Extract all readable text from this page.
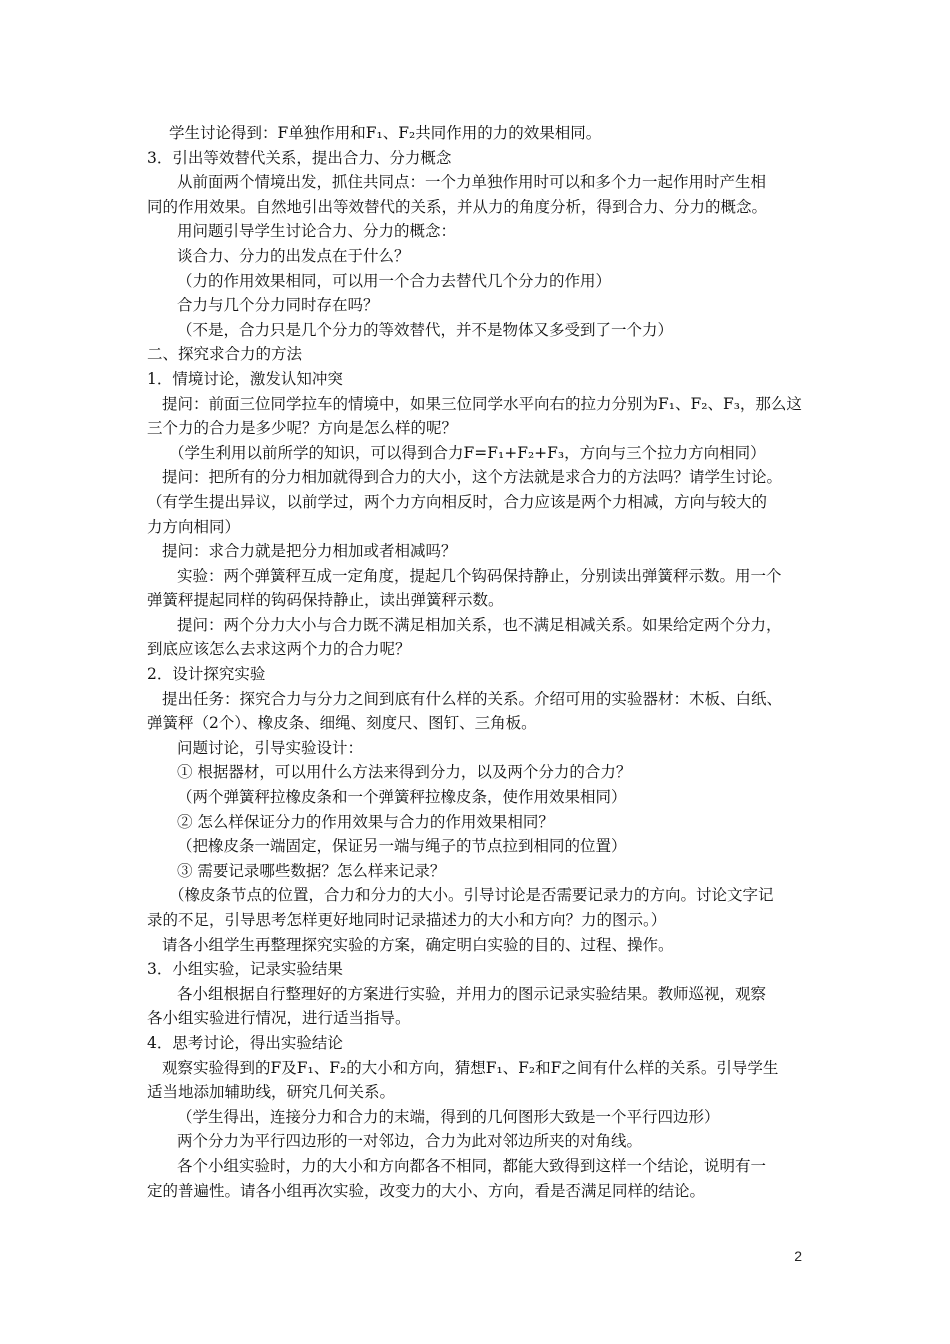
学生讨论得到：F单独作用和F₁、F₂共同作用的力的效果相同。
3．引出等效替代关系，提出合力、分力概念
从前面两个情境出发，抓住共同点：一个力单独作用时可以和多个力一起作用时产生相
同的作用效果。自然地引出等效替代的关系，并从力的角度分析，得到合力、分力的概念。
用问题引导学生讨论合力、分力的概念：
谈合力、分力的出发点在于什么？
（力的作用效果相同，可以用一个合力去替代几个分力的作用）
合力与几个分力同时存在吗？
（不是，合力只是几个分力的等效替代，并不是物体又多受到了一个力）
二、探究求合力的方法
1．情境讨论，激发认知冲突
提问：前面三位同学拉车的情境中，如果三位同学水平向右的拉力分别为F₁、F₂、F₃，那么这
三个力的合力是多少呢？方向是怎么样的呢？
（学生利用以前所学的知识，可以得到合力F=F₁+F₂+F₃，方向与三个拉力方向相同）
提问：把所有的分力相加就得到合力的大小，这个方法就是求合力的方法吗？请学生讨论。
（有学生提出异议，以前学过，两个力方向相反时，合力应该是两个力相减，方向与较大的
力方向相同）
提问：求合力就是把分力相加或者相减吗？
实验：两个弹簧秤互成一定角度，提起几个钩码保持静止，分别读出弹簧秤示数。用一个
弹簧秤提起同样的钩码保持静止，读出弹簧秤示数。
提问：两个分力大小与合力既不满足相加关系，也不满足相减关系。如果给定两个分力，
到底应该怎么去求这两个力的合力呢？
2．设计探究实验
提出任务：探究合力与分力之间到底有什么样的关系。介绍可用的实验器材：木板、白纸、
弹簧秤（2个）、橡皮条、细绳、刻度尺、图钉、三角板。
问题讨论，引导实验设计：
① 根据器材，可以用什么方法来得到分力，以及两个分力的合力？
（两个弹簧秤拉橡皮条和一个弹簧秤拉橡皮条，使作用效果相同）
② 怎么样保证分力的作用效果与合力的作用效果相同？
（把橡皮条一端固定，保证另一端与绳子的节点拉到相同的位置）
③ 需要记录哪些数据？怎么样来记录？
（橡皮条节点的位置，合力和分力的大小。引导讨论是否需要记录力的方向。讨论文字记
录的不足，引导思考怎样更好地同时记录描述力的大小和方向？力的图示。）
请各小组学生再整理探究实验的方案，确定明白实验的目的、过程、操作。
3．小组实验，记录实验结果
各小组根据自行整理好的方案进行实验，并用力的图示记录实验结果。教师巡视，观察
各小组实验进行情况，进行适当指导。
4．思考讨论，得出实验结论
观察实验得到的F及F₁、F₂的大小和方向，猜想F₁、F₂和F之间有什么样的关系。引导学生
适当地添加辅助线，研究几何关系。
（学生得出，连接分力和合力的末端，得到的几何图形大致是一个平行四边形）
两个分力为平行四边形的一对邻边，合力为此对邻边所夹的对角线。
各个小组实验时，力的大小和方向都各不相同，都能大致得到这样一个结论，说明有一
定的普遍性。请各小组再次实验，改变力的大小、方向，看是否满足同样的结论。
2
